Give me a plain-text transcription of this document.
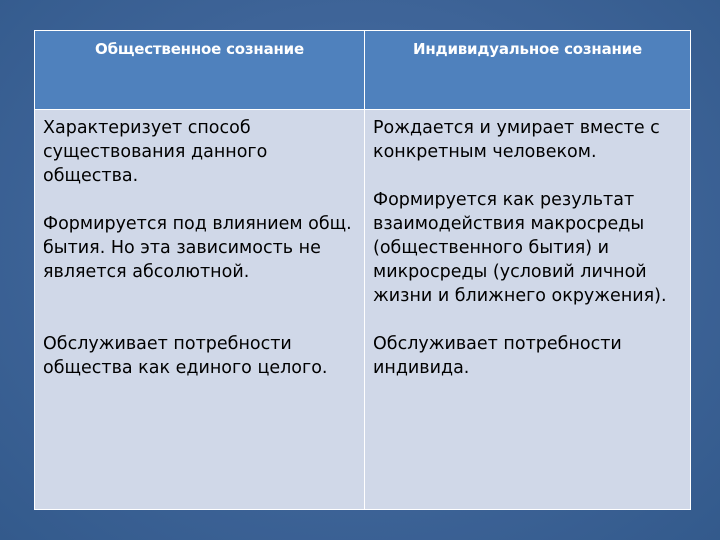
Общественное сознание	Индивидуальное сознание

Характеризует способ существования данного общества.

Формируется под влиянием общ. бытия. Но эта зависимость не является абсолютной.

Обслуживает потребности общества как единого целого.

Рождается и умирает вместе с конкретным человеком.

Формируется как результат взаимодействия макросреды (общественного бытия) и микросреды (условий личной жизни и ближнего окружения).

Обслуживает потребности индивида.
